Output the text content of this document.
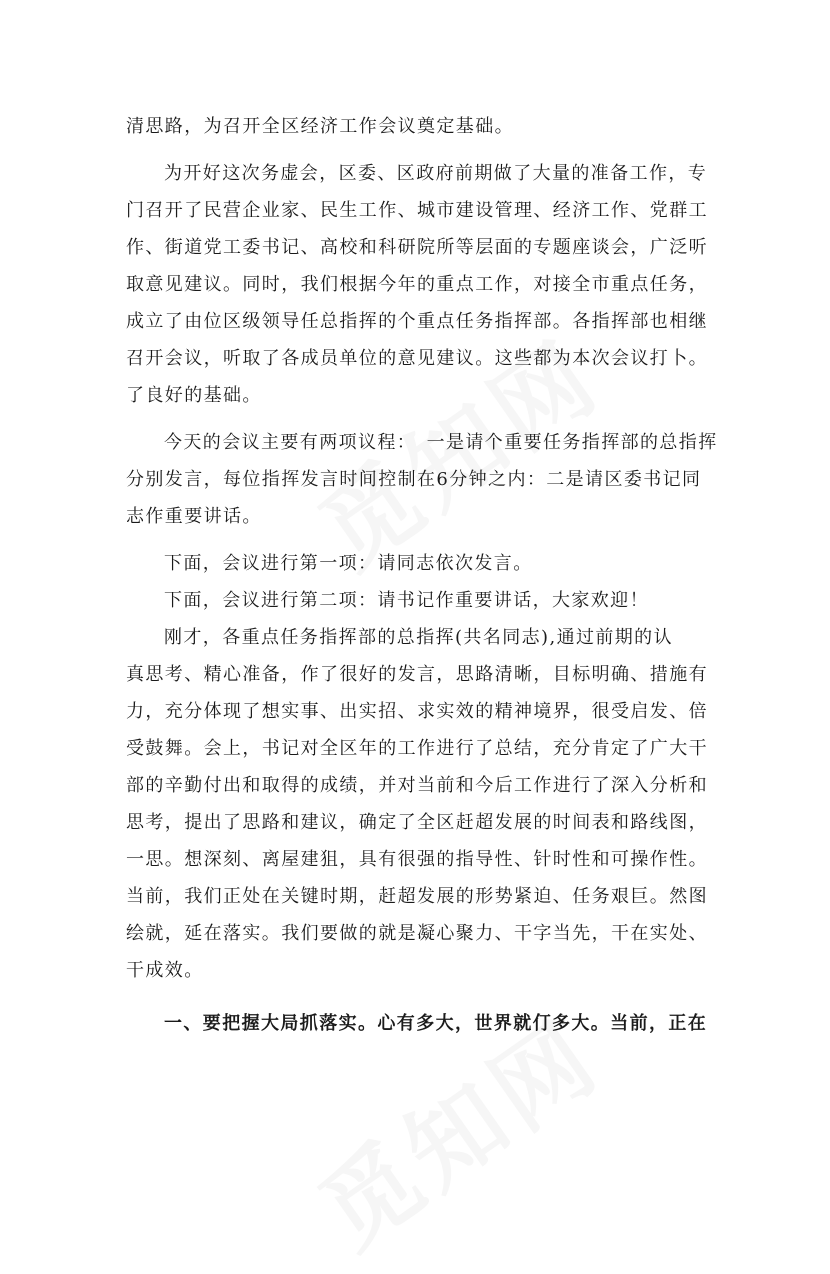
清思路，为召开全区经济工作会议奠定基础。
为开好这次务虚会，区委、区政府前期做了大量的准备工作，专
门召开了民营企业家、民生工作、城市建设管理、经济工作、党群工
作、街道党工委书记、高校和科研院所等层面的专题座谈会，广泛听
取意见建议。同时，我们根据今年的重点工作，对接全市重点任务，
成立了由位区级领导任总指挥的个重点任务指挥部。各指挥部也相继
召开会议，听取了各成员单位的意见建议。这些都为本次会议打卜。
了良好的基础。
今天的会议主要有两项议程：　一是请个重要任务指挥部的总指挥
分别发言，每位指挥发言时间控制在6分钟之内：二是请区委书记同
志作重要讲话。
下面，会议进行第一项：请同志依次发言。
下面，会议进行第二项：请书记作重要讲话，大家欢迎！
刚才，各重点任务指挥部的总指挥(共名同志),通过前期的认
真思考、精心准备，作了很好的发言，思路清晰，目标明确、措施有
力，充分体现了想实事、出实招、求实效的精神境界，很受启发、倍
受鼓舞。会上，书记对全区年的工作进行了总结，充分肯定了广大干
部的辛勤付出和取得的成绩，并对当前和今后工作进行了深入分析和
思考，提出了思路和建议，确定了全区赶超发展的时间表和路线图，
一思。想深刻、离屋建狙，具有很强的指导性、针时性和可操作性。
当前，我们正处在关键时期，赶超发展的形势紧迫、任务艰巨。然图
绘就，延在落实。我们要做的就是凝心聚力、干字当先，干在实处、
干成效。
一、要把握大局抓落实。心有多大，世界就仃多大。当前，正在
